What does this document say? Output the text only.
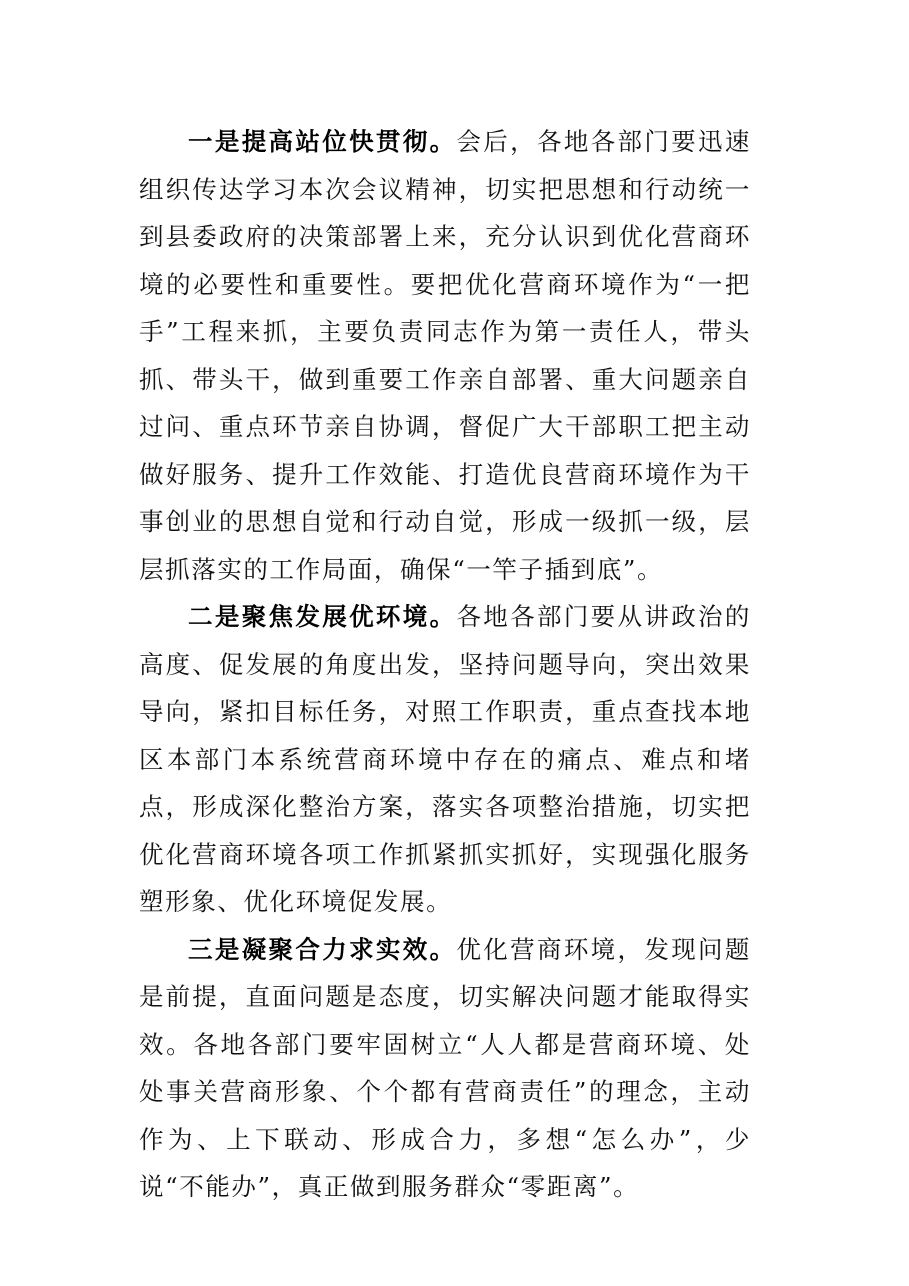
一是提高站位快贯彻。会后，各地各部门要迅速组织传达学习本次会议精神，切实把思想和行动统一到县委政府的决策部署上来，充分认识到优化营商环境的必要性和重要性。要把优化营商环境作为“一把手”工程来抓，主要负责同志作为第一责任人，带头抓、带头干，做到重要工作亲自部署、重大问题亲自过问、重点环节亲自协调，督促广大干部职工把主动做好服务、提升工作效能、打造优良营商环境作为干事创业的思想自觉和行动自觉，形成一级抓一级，层层抓落实的工作局面，确保“一竿子插到底”。

二是聚焦发展优环境。各地各部门要从讲政治的高度、促发展的角度出发，坚持问题导向，突出效果导向，紧扣目标任务，对照工作职责，重点查找本地区本部门本系统营商环境中存在的痛点、难点和堵点，形成深化整治方案，落实各项整治措施，切实把优化营商环境各项工作抓紧抓实抓好，实现强化服务塑形象、优化环境促发展。

三是凝聚合力求实效。优化营商环境，发现问题是前提，直面问题是态度，切实解决问题才能取得实效。各地各部门要牢固树立“人人都是营商环境、处处事关营商形象、个个都有营商责任”的理念，主动作为、上下联动、形成合力，多想“怎么办”，少说“不能办”，真正做到服务群众“零距离”。
